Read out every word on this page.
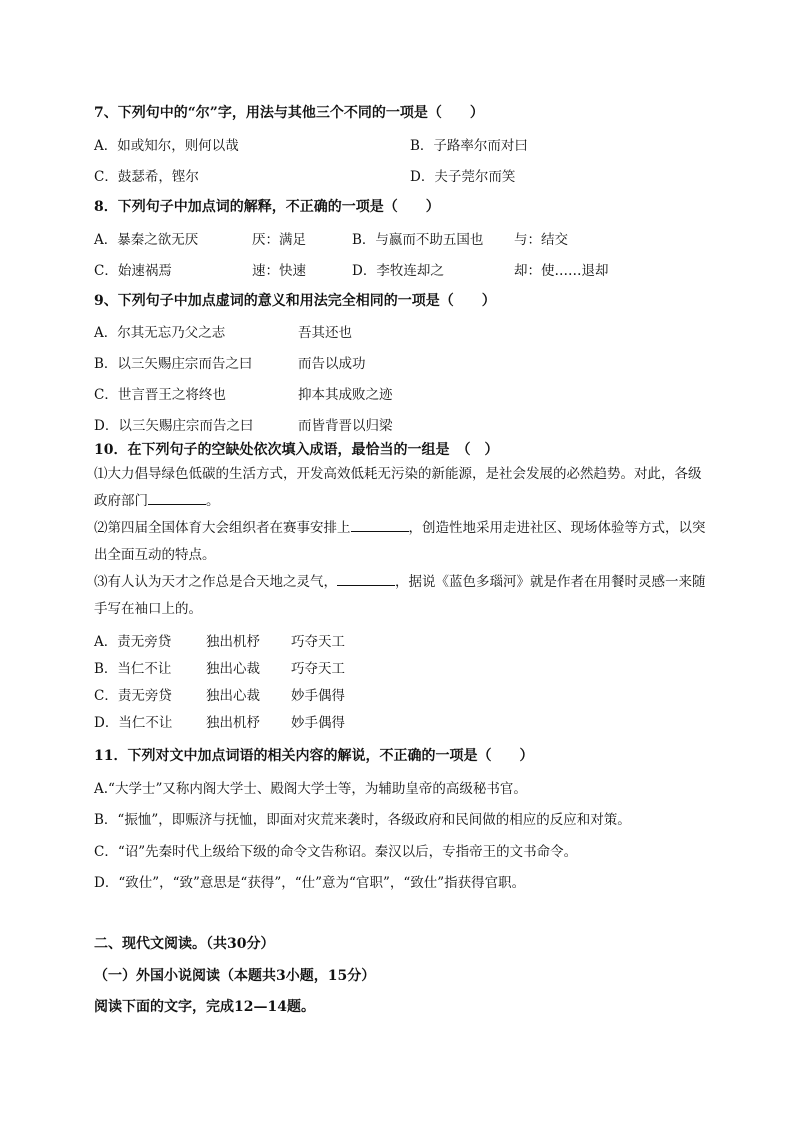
7、下列句中的“尔”字，用法与其他三个不同的一项是（　　）
A．如或知尔，则何以哉	B．子路率尔而对曰
C．鼓瑟希，铿尔	D．夫子莞尔而笑
8．下列句子中加点词的解释，不正确的一项是（　　）
A．暴秦之欲无厌	厌：满足	B．与嬴而不助五国也 与：结交
C．始速祸焉	速：快速	D．李牧连却之	却：使……退却
9、下列句子中加点虚词的意义和用法完全相同的一项是（　　）
A．尔其无忘乃父之志	吾其还也
B．以三矢赐庄宗而告之曰	而告以成功
C．世言晋王之将终也	抑本其成败之迹
D．以三矢赐庄宗而告之曰	而皆背晋以归梁
10．在下列句子的空缺处依次填入成语，最恰当的一组是　（　）
⑴大力倡导绿色低碳的生活方式，开发高效低耗无污染的新能源，是社会发展的必然趋势。对此，各级政府部门	。
⑵第四届全国体育大会组织者在赛事安排上	，创造性地采用走进社区、现场体验等方式，以突出全面互动的特点。
⑶有人认为天才之作总是合天地之灵气，	，据说《蓝色多瑙河》就是作者在用餐时灵感一来随手写在袖口上的。
A．责无旁贷	独出机杼 巧夺天工
B．当仁不让	独出心裁 巧夺天工
C．责无旁贷	独出心裁 妙手偶得
D．当仁不让 独出机杼 妙手偶得
11．下列对文中加点词语的相关内容的解说，不正确的一项是（　　）
A.“大学士”又称内阁大学士、殿阁大学士等，为辅助皇帝的高级秘书官。
B．“振恤”，即赈济与抚恤，即面对灾荒来袭时，各级政府和民间做的相应的反应和对策。
C．“诏”先秦时代上级给下级的命令文告称诏。秦汉以后，专指帝王的文书命令。
D．“致仕”，“致”意思是“获得”，“仕”意为“官职”，“致仕”指获得官职。
二、现代文阅读。（共30分）
（一）外国小说阅读（本题共3小题，15分）
阅读下面的文字，完成12—14题。
